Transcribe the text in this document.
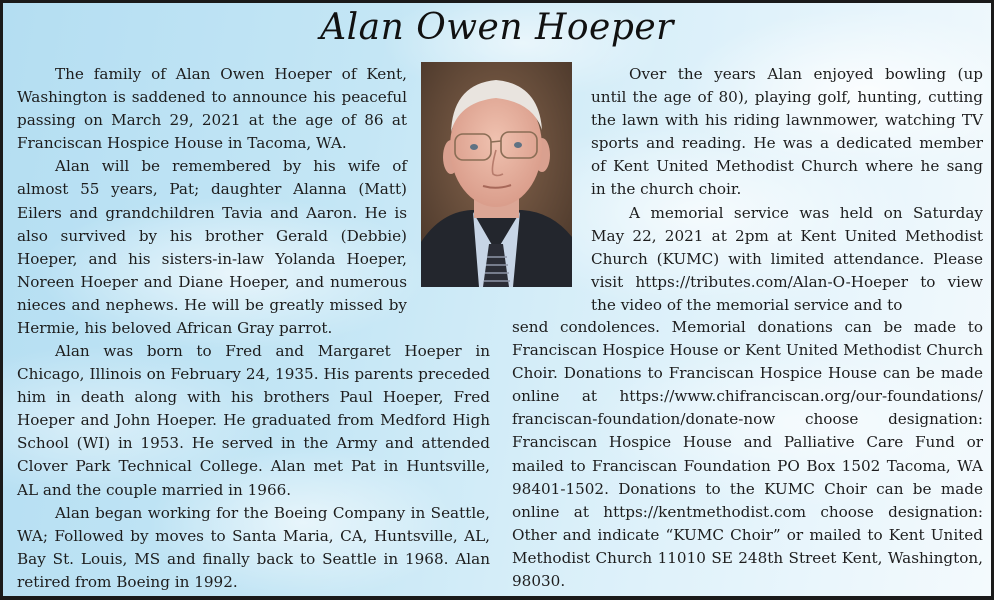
Alan Owen Hoeper

The family of Alan Owen Hoeper of Kent, Washington is saddened to announce his peaceful passing on March 29, 2021 at the age of 86 at Franciscan Hospice House in Tacoma, WA.

Alan will be remembered by his wife of almost 55 years, Pat; daughter Alanna (Matt) Eilers and grandchildren Tavia and Aaron. He is also survived by his brother Gerald (Debbie) Hoeper, and his sisters-in-law Yolanda Hoeper, Noreen Hoeper and Diane Hoeper, and numerous nieces and nephews. He will be greatly missed by Hermie, his beloved African Gray parrot.

Alan was born to Fred and Margaret Hoeper in Chicago, Illinois on February 24, 1935. His parents preceded him in death along with his brothers Paul Hoeper, Fred Hoeper and John Hoeper. He graduated from Medford High School (WI) in 1953. He served in the Army and attended Clover Park Technical College. Alan met Pat in Huntsville, AL and the couple married in 1966.

Alan began working for the Boeing Company in Seattle, WA; Followed by moves to Santa Maria, CA, Huntsville, AL, Bay St. Louis, MS and finally back to Seattle in 1968. Alan retired from Boeing in 1992.

Over the years Alan enjoyed bowling (up until the age of 80), playing golf, hunting, cutting the lawn with his riding lawnmower, watching TV sports and reading. He was a dedicated member of Kent United Methodist Church where he sang in the church choir.

A memorial service was held on Saturday May 22, 2021 at 2pm at Kent United Methodist Church (KUMC) with limited attendance. Please visit https://tributes.com/Alan-O-Hoeper to view the video of the memorial service and to

send condolences. Memorial donations can be made to Franciscan Hospice House or Kent United Methodist Church Choir. Donations to Franciscan Hospice House can be made online at https://www.chifranciscan.org/our-foundations/ franciscan-foundation/donate-now choose designation: Franciscan Hospice House and Palliative Care Fund or mailed to Franciscan Foundation PO Box 1502 Tacoma, WA 98401-1502. Donations to the KUMC Choir can be made online at https://kentmethodist.com choose designation: Other and indicate “KUMC Choir” or mailed to Kent United Methodist Church 11010 SE 248th Street Kent, Washington, 98030.
